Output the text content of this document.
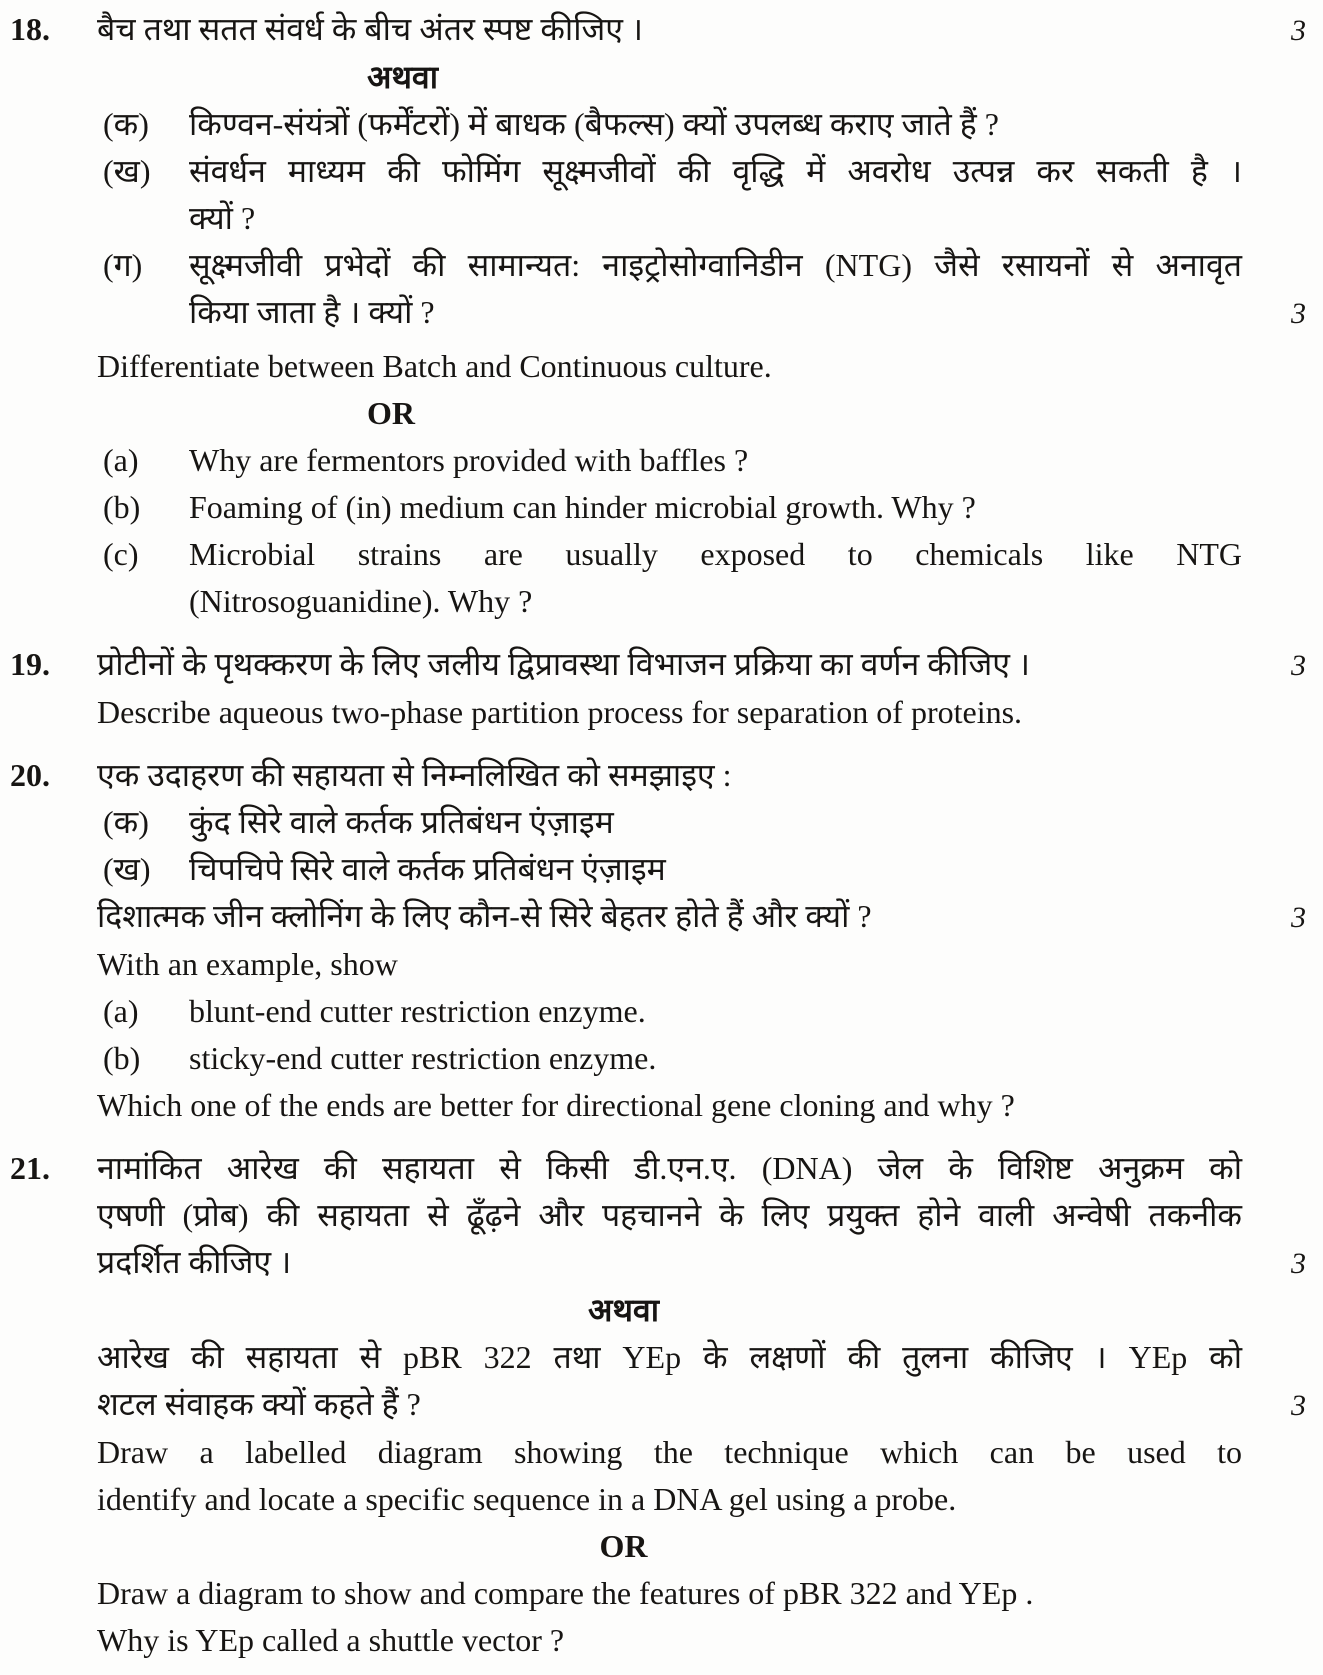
18.	बैच तथा सतत संवर्ध के बीच अंतर स्पष्ट कीजिए ।	3
अथवा
(क)	किण्वन-संयंत्रों (फर्मेंटरों) में बाधक (बैफल्स) क्यों उपलब्ध कराए जाते हैं ?
(ख)	संवर्धन माध्यम की फोमिंग सूक्ष्मजीवों की वृद्धि में अवरोध उत्पन्न कर सकती है ।
क्यों ?
(ग)	सूक्ष्मजीवी प्रभेदों की सामान्यत: नाइट्रोसोग्वानिडीन (NTG) जैसे रसायनों से अनावृत
किया जाता है । क्यों ?	3
Differentiate between Batch and Continuous culture.
OR
(a)	Why are fermentors provided with baffles ?
(b)	Foaming of (in) medium can hinder microbial growth. Why ?
(c)	Microbial strains are usually exposed to chemicals like NTG
(Nitrosoguanidine). Why ?
19.	प्रोटीनों के पृथक्करण के लिए जलीय द्विप्रावस्था विभाजन प्रक्रिया का वर्णन कीजिए ।	3
Describe aqueous two-phase partition process for separation of proteins.
20.	एक उदाहरण की सहायता से निम्नलिखित को समझाइए :
(क)	कुंद सिरे वाले कर्तक प्रतिबंधन एंज़ाइम
(ख)	चिपचिपे सिरे वाले कर्तक प्रतिबंधन एंज़ाइम
दिशात्मक जीन क्लोनिंग के लिए कौन-से सिरे बेहतर होते हैं और क्यों ?	3
With an example, show
(a)	blunt-end cutter restriction enzyme.
(b)	sticky-end cutter restriction enzyme.
Which one of the ends are better for directional gene cloning and why ?
21.	नामांकित आरेख की सहायता से किसी डी.एन.ए. (DNA) जेल के विशिष्ट अनुक्रम को
एषणी (प्रोब) की सहायता से ढूँढ़ने और पहचानने के लिए प्रयुक्त होने वाली अन्वेषी तकनीक
प्रदर्शित कीजिए ।	3
अथवा
आरेख की सहायता से pBR 322 तथा YEp के लक्षणों की तुलना कीजिए । YEp को
शटल संवाहक क्यों कहते हैं ?	3
Draw a labelled diagram showing the technique which can be used to
identify and locate a specific sequence in a DNA gel using a probe.
OR
Draw a diagram to show and compare the features of pBR 322 and YEp .
Why is YEp called a shuttle vector ?
